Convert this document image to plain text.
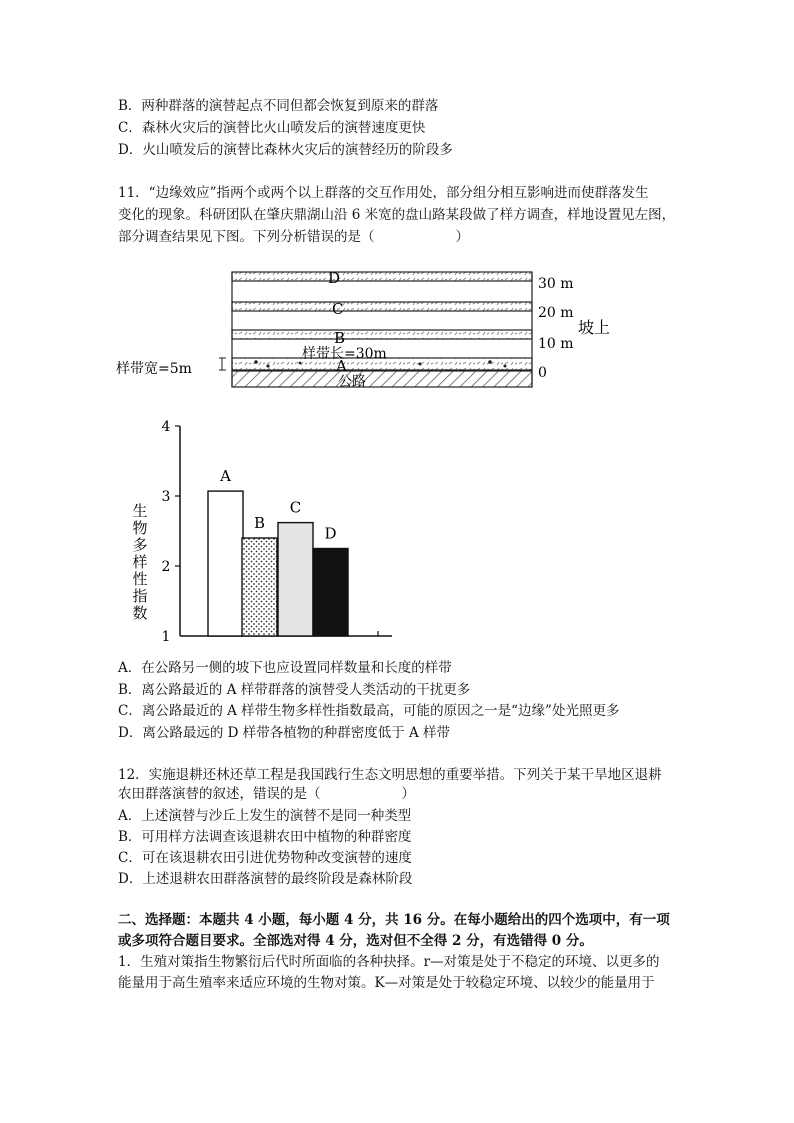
B．两种群落的演替起点不同但都会恢复到原来的群落
C．森林火灾后的演替比火山喷发后的演替速度更快
D．火山喷发后的演替比森林火灾后的演替经历的阶段多
11．“边缘效应”指两个或两个以上群落的交互作用处，部分组分相互影响进而使群落发生
变化的现象。科研团队在肇庆鼎湖山沿 6 米宽的盘山路某段做了样方调查，样地设置见左图，
部分调查结果见下图。下列分析错误的是（　　　　　　）
D
C
B
A
样带长=30m
公路
30 m
20 m
10 m
0
坡上
样带宽=5m
1
2
3
4
A
B
C
D
生
物
多
样
性
指
数
A．在公路另一侧的坡下也应设置同样数量和长度的样带
B．离公路最近的 A 样带群落的演替受人类活动的干扰更多
C．离公路最近的 A 样带生物多样性指数最高，可能的原因之一是“边缘”处光照更多
D．离公路最远的 D 样带各植物的种群密度低于 A 样带
12．实施退耕还林还草工程是我国践行生态文明思想的重要举措。下列关于某干旱地区退耕
农田群落演替的叙述，错误的是（　　　　　　）
A．上述演替与沙丘上发生的演替不是同一种类型
B．可用样方法调查该退耕农田中植物的种群密度
C．可在该退耕农田引进优势物种改变演替的速度
D．上述退耕农田群落演替的最终阶段是森林阶段
二、选择题：本题共 4 小题，每小题 4 分，共 16 分。在每小题给出的四个选项中，有一项
或多项符合题目要求。全部选对得 4 分，选对但不全得 2 分，有选错得 0 分。
1．生殖对策指生物繁衍后代时所面临的各种抉择。r—对策是处于不稳定的环境、以更多的
能量用于高生殖率来适应环境的生物对策。K—对策是处于较稳定环境、以较少的能量用于
